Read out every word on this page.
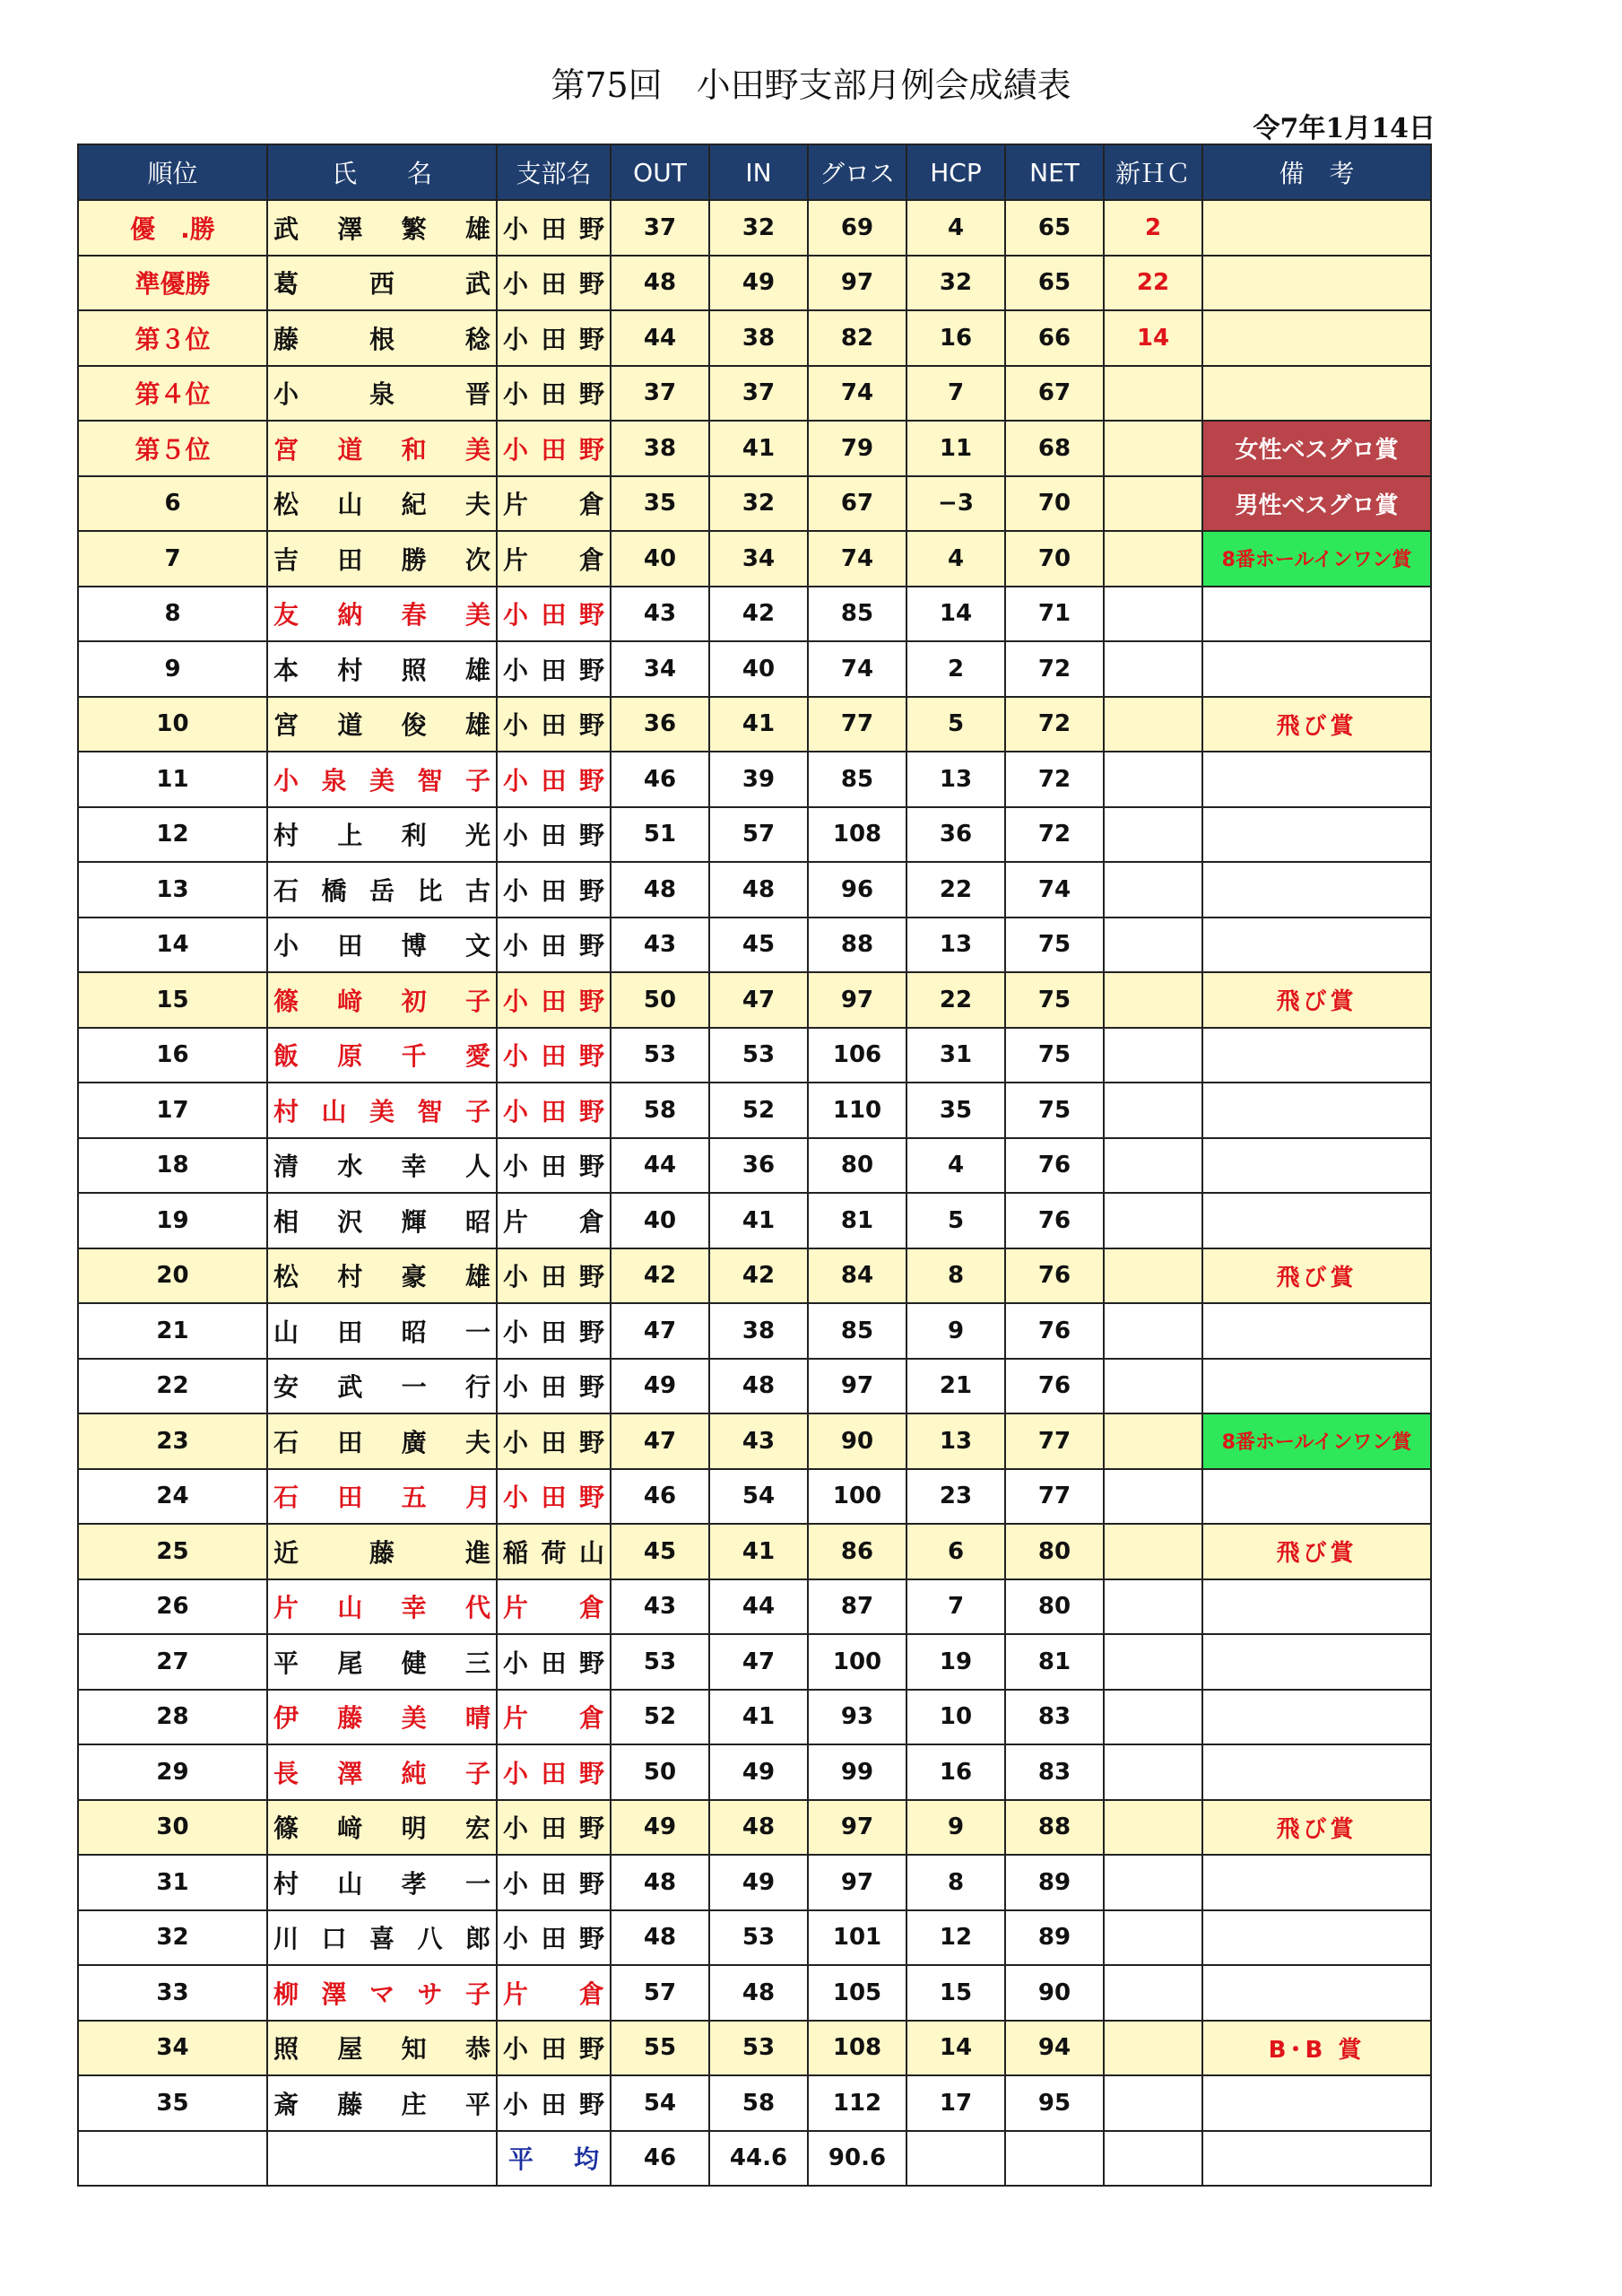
第75回　小田野支部月例会成績表
令7年1月14日
順位	氏　　名	支部名	OUT	IN	グロス	HCP	NET	新ＨＣ	備　考
優　.勝	武 澤 繁 雄	小田野	37	32	69	4	65	2	
準優勝	葛 西 武	小田野	48	49	97	32	65	22	
第３位	藤 根 稔	小田野	44	38	82	16	66	14	
第４位	小 泉 晋	小田野	37	37	74	7	67		
第５位	宮 道 和 美	小田野	38	41	79	11	68		女性ベスグロ賞
6	松 山 紀 夫	片倉	35	32	67	−3	70		男性ベスグロ賞
7	吉 田 勝 次	片倉	40	34	74	4	70		8番ホールインワン賞
8	友 納 春 美	小田野	43	42	85	14	71		
9	本 村 照 雄	小田野	34	40	74	2	72		
10	宮 道 俊 雄	小田野	36	41	77	5	72		飛び賞
11	小 泉 美 智 子	小田野	46	39	85	13	72		
12	村 上 利 光	小田野	51	57	108	36	72		
13	石 橋 岳 比 古	小田野	48	48	96	22	74		
14	小 田 博 文	小田野	43	45	88	13	75		
15	篠 﨑 初 子	小田野	50	47	97	22	75		飛び賞
16	飯 原 千 愛	小田野	53	53	106	31	75		
17	村 山 美 智 子	小田野	58	52	110	35	75		
18	清 水 幸 人	小田野	44	36	80	4	76		
19	相 沢 輝 昭	片倉	40	41	81	5	76		
20	松 村 豪 雄	小田野	42	42	84	8	76		飛び賞
21	山 田 昭 一	小田野	47	38	85	9	76		
22	安 武 一 行	小田野	49	48	97	21	76		
23	石 田 廣 夫	小田野	47	43	90	13	77		8番ホールインワン賞
24	石 田 五 月	小田野	46	54	100	23	77		
25	近 藤 進	稲荷山	45	41	86	6	80		飛び賞
26	片 山 幸 代	片倉	43	44	87	7	80		
27	平 尾 健 三	小田野	53	47	100	19	81		
28	伊 藤 美 晴	片倉	52	41	93	10	83		
29	長 澤 純 子	小田野	50	49	99	16	83		
30	篠 﨑 明 宏	小田野	49	48	97	9	88		飛び賞
31	村 山 孝 一	小田野	48	49	97	8	89		
32	川 口 喜 八 郎	小田野	48	53	101	12	89		
33	柳 澤 マ サ 子	片倉	57	48	105	15	90		
34	照 屋 知 恭	小田野	55	53	108	14	94		B･B 賞
35	斎 藤 庄 平	小田野	54	58	112	17	95		
		平均	46	44.6	90.6				
